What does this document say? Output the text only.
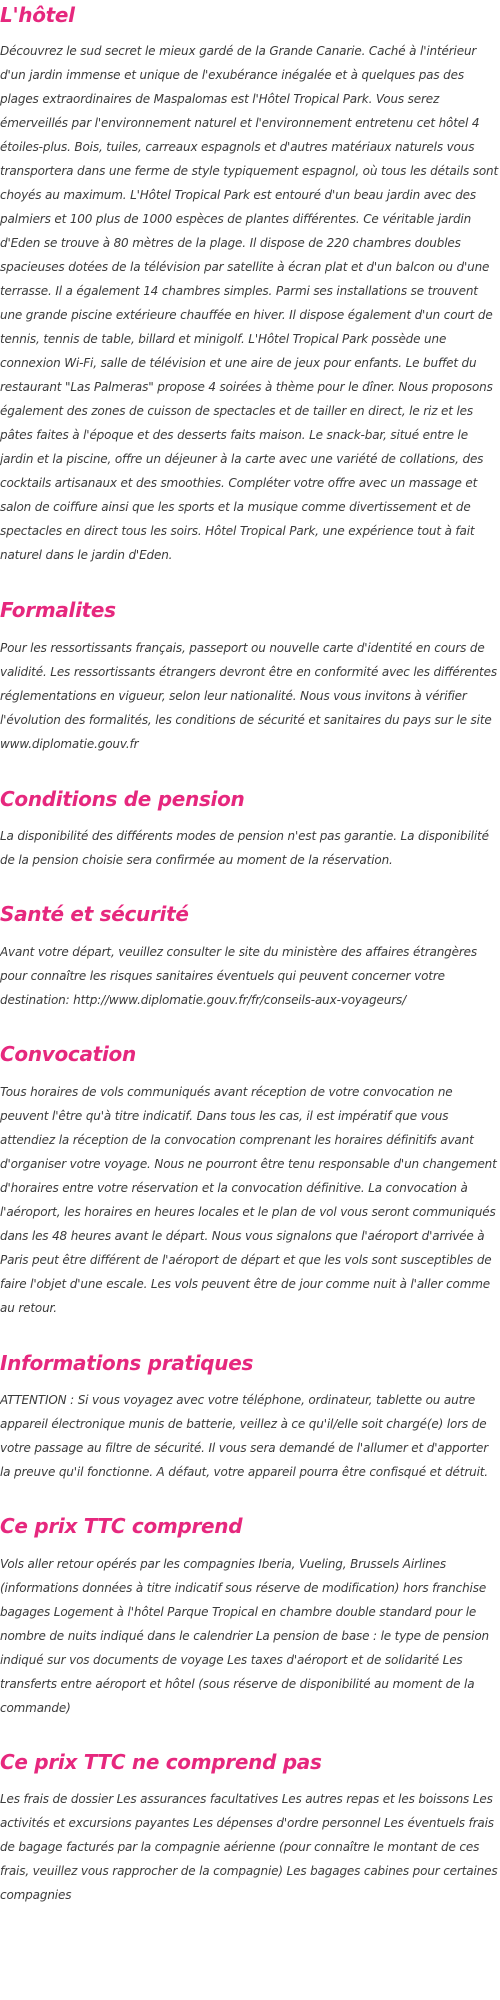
L'hôtel

Découvrez le sud secret le mieux gardé de la Grande Canarie. Caché à l'intérieur d'un jardin immense et unique de l'exubérance inégalée et à quelques pas des plages extraordinaires de Maspalomas est l'Hôtel Tropical Park. Vous serez émerveillés par l'environnement naturel et l'environnement entretenu cet hôtel 4 étoiles-plus. Bois, tuiles, carreaux espagnols et d'autres matériaux naturels vous transportera dans une ferme de style typiquement espagnol, où tous les détails sont choyés au maximum. L'Hôtel Tropical Park est entouré d'un beau jardin avec des palmiers et 100 plus de 1000 espèces de plantes différentes. Ce véritable jardin d'Eden se trouve à 80 mètres de la plage. Il dispose de 220 chambres doubles spacieuses dotées de la télévision par satellite à écran plat et d'un balcon ou d'une terrasse. Il a également 14 chambres simples. Parmi ses installations se trouvent une grande piscine extérieure chauffée en hiver. Il dispose également d'un court de tennis, tennis de table, billard et minigolf. L'Hôtel Tropical Park possède une connexion Wi-Fi, salle de télévision et une aire de jeux pour enfants. Le buffet du restaurant "Las Palmeras" propose 4 soirées à thème pour le dîner. Nous proposons également des zones de cuisson de spectacles et de tailler en direct, le riz et les pâtes faites à l'époque et des desserts faits maison. Le snack-bar, situé entre le jardin et la piscine, offre un déjeuner à la carte avec une variété de collations, des cocktails artisanaux et des smoothies. Compléter votre offre avec un massage et salon de coiffure ainsi que les sports et la musique comme divertissement et de spectacles en direct tous les soirs. Hôtel Tropical Park, une expérience tout à fait naturel dans le jardin d'Eden.

Formalites

Pour les ressortissants français, passeport ou nouvelle carte d'identité en cours de validité. Les ressortissants étrangers devront être en conformité avec les différentes réglementations en vigueur, selon leur nationalité. Nous vous invitons à vérifier l'évolution des formalités, les conditions de sécurité et sanitaires du pays sur le site www.diplomatie.gouv.fr

Conditions de pension

La disponibilité des différents modes de pension n'est pas garantie. La disponibilité de la pension choisie sera confirmée au moment de la réservation.

Santé et sécurité

Avant votre départ, veuillez consulter le site du ministère des affaires étrangères pour connaître les risques sanitaires éventuels qui peuvent concerner votre destination: http://www.diplomatie.gouv.fr/fr/conseils-aux-voyageurs/

Convocation

Tous horaires de vols communiqués avant réception de votre convocation ne peuvent l'être qu'à titre indicatif. Dans tous les cas, il est impératif que vous attendiez la réception de la convocation comprenant les horaires définitifs avant d'organiser votre voyage. Nous ne pourront être tenu responsable d'un changement d'horaires entre votre réservation et la convocation définitive. La convocation à l'aéroport, les horaires en heures locales et le plan de vol vous seront communiqués dans les 48 heures avant le départ. Nous vous signalons que l'aéroport d'arrivée à Paris peut être différent de l'aéroport de départ et que les vols sont susceptibles de faire l'objet d'une escale. Les vols peuvent être de jour comme nuit à l'aller comme au retour.

Informations pratiques

ATTENTION : Si vous voyagez avec votre téléphone, ordinateur, tablette ou autre appareil électronique munis de batterie, veillez à ce qu'il/elle soit chargé(e) lors de votre passage au filtre de sécurité. Il vous sera demandé de l'allumer et d'apporter la preuve qu'il fonctionne. A défaut, votre appareil pourra être confisqué et détruit.

Ce prix TTC comprend

Vols aller retour opérés par les compagnies Iberia, Vueling, Brussels Airlines (informations données à titre indicatif sous réserve de modification) hors franchise bagages Logement à l'hôtel Parque Tropical en chambre double standard pour le nombre de nuits indiqué dans le calendrier La pension de base : le type de pension indiqué sur vos documents de voyage Les taxes d'aéroport et de solidarité Les transferts entre aéroport et hôtel (sous réserve de disponibilité au moment de la commande)

Ce prix TTC ne comprend pas

Les frais de dossier Les assurances facultatives Les autres repas et les boissons Les activités et excursions payantes Les dépenses d'ordre personnel Les éventuels frais de bagage facturés par la compagnie aérienne (pour connaître le montant de ces frais, veuillez vous rapprocher de la compagnie) Les bagages cabines pour certaines compagnies
